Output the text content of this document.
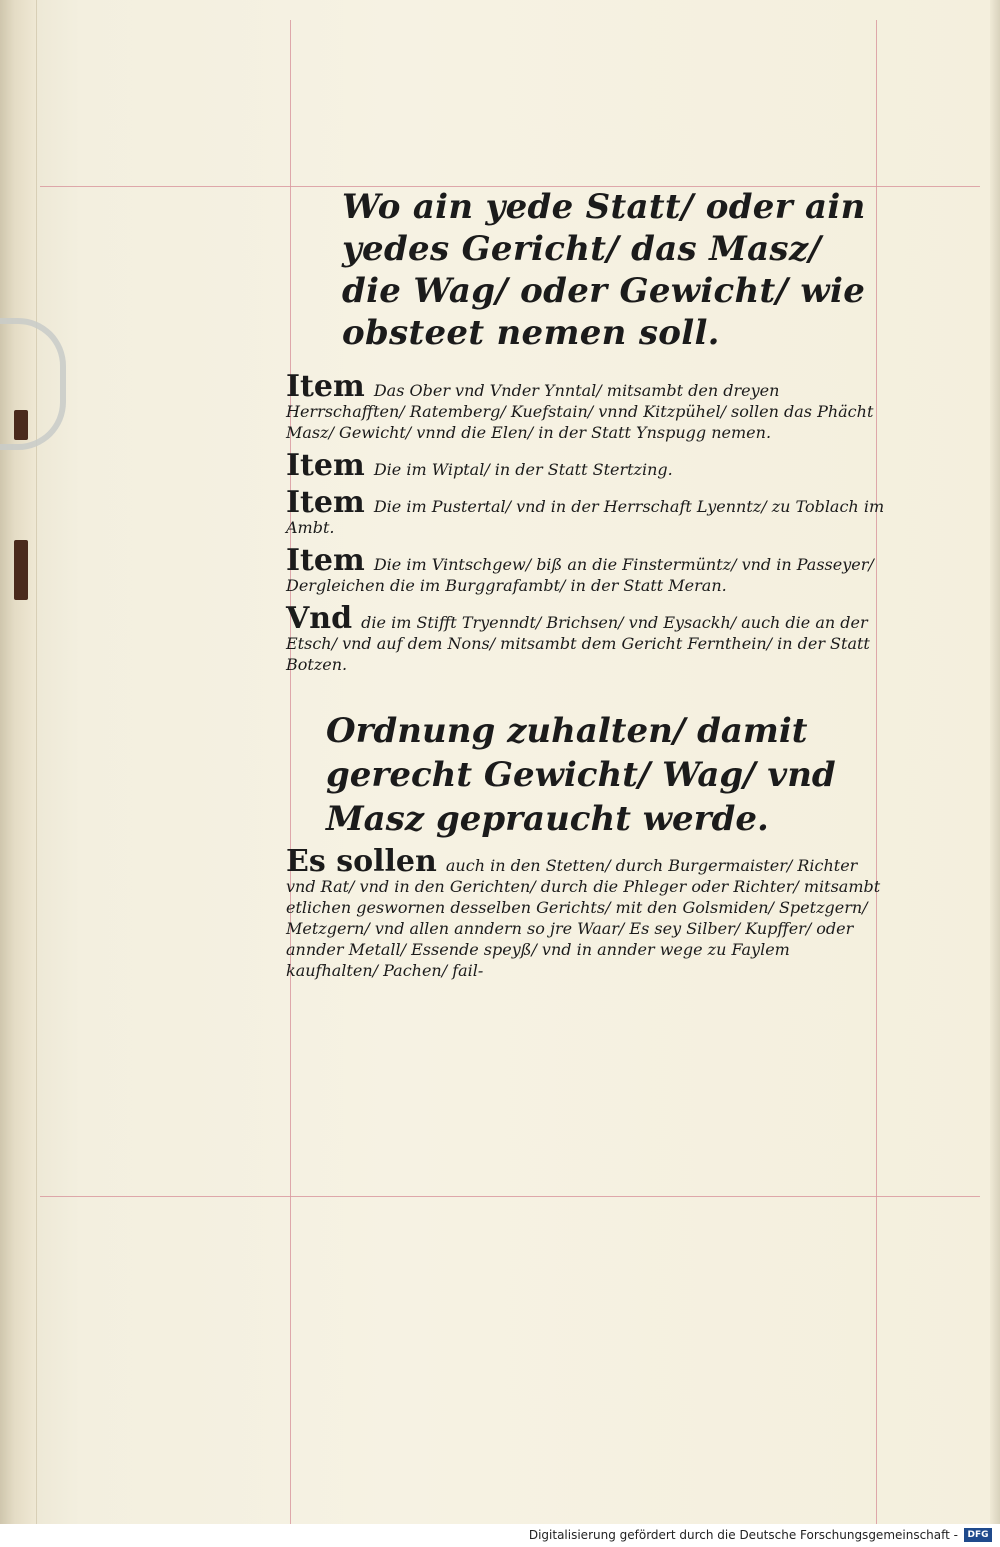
Wo ain yede Statt/ oder ain yedes Gericht/ das Masz/ die Wag/ oder Gewicht/ wie obsteet nemen soll.

Item Das Ober vnd Vnder Ynntal/ mitsambt den dreyen Herrschafften/ Ratemberg/ Kuefstain/ vnnd Kitzpühel/ sollen das Phächt Masz/ Gewicht/ vnnd die Elen/ in der Statt Ynspugg nemen.

Item Die im Wiptal/ in der Statt Stertzing.

Item Die im Pustertal/ vnd in der Herrschaft Lyenntz/ zu Toblach im Ambt.

Item Die im Vintschgew/ biß an die Finstermüntz/ vnd in Passeyer/ Dergleichen die im Burggrafambt/ in der Statt Meran.

Vnd die im Stifft Tryenndt/ Brichsen/ vnd Eysackh/ auch die an der Etsch/ vnd auf dem Nons/ mitsambt dem Gericht Fernthein/ in der Statt Botzen.

Ordnung zuhalten/ damit gerecht Gewicht/ Wag/ vnd Masz gepraucht werde.

Es sollen auch in den Stetten/ durch Burgermaister/ Richter vnd Rat/ vnd in den Gerichten/ durch die Phleger oder Richter/ mitsambt etlichen geswornen desselben Gerichts/ mit den Golsmiden/ Spetzgern/ Metzgern/ vnd allen anndern so jre Waar/ Es sey Silber/ Kupffer/ oder annder Metall/ Essende speyß/ vnd in annder wege zu Faylem kaufhalten/ Pachen/ fail-

Digitalisierung gefördert durch die Deutsche Forschungsgemeinschaft -	DFG
